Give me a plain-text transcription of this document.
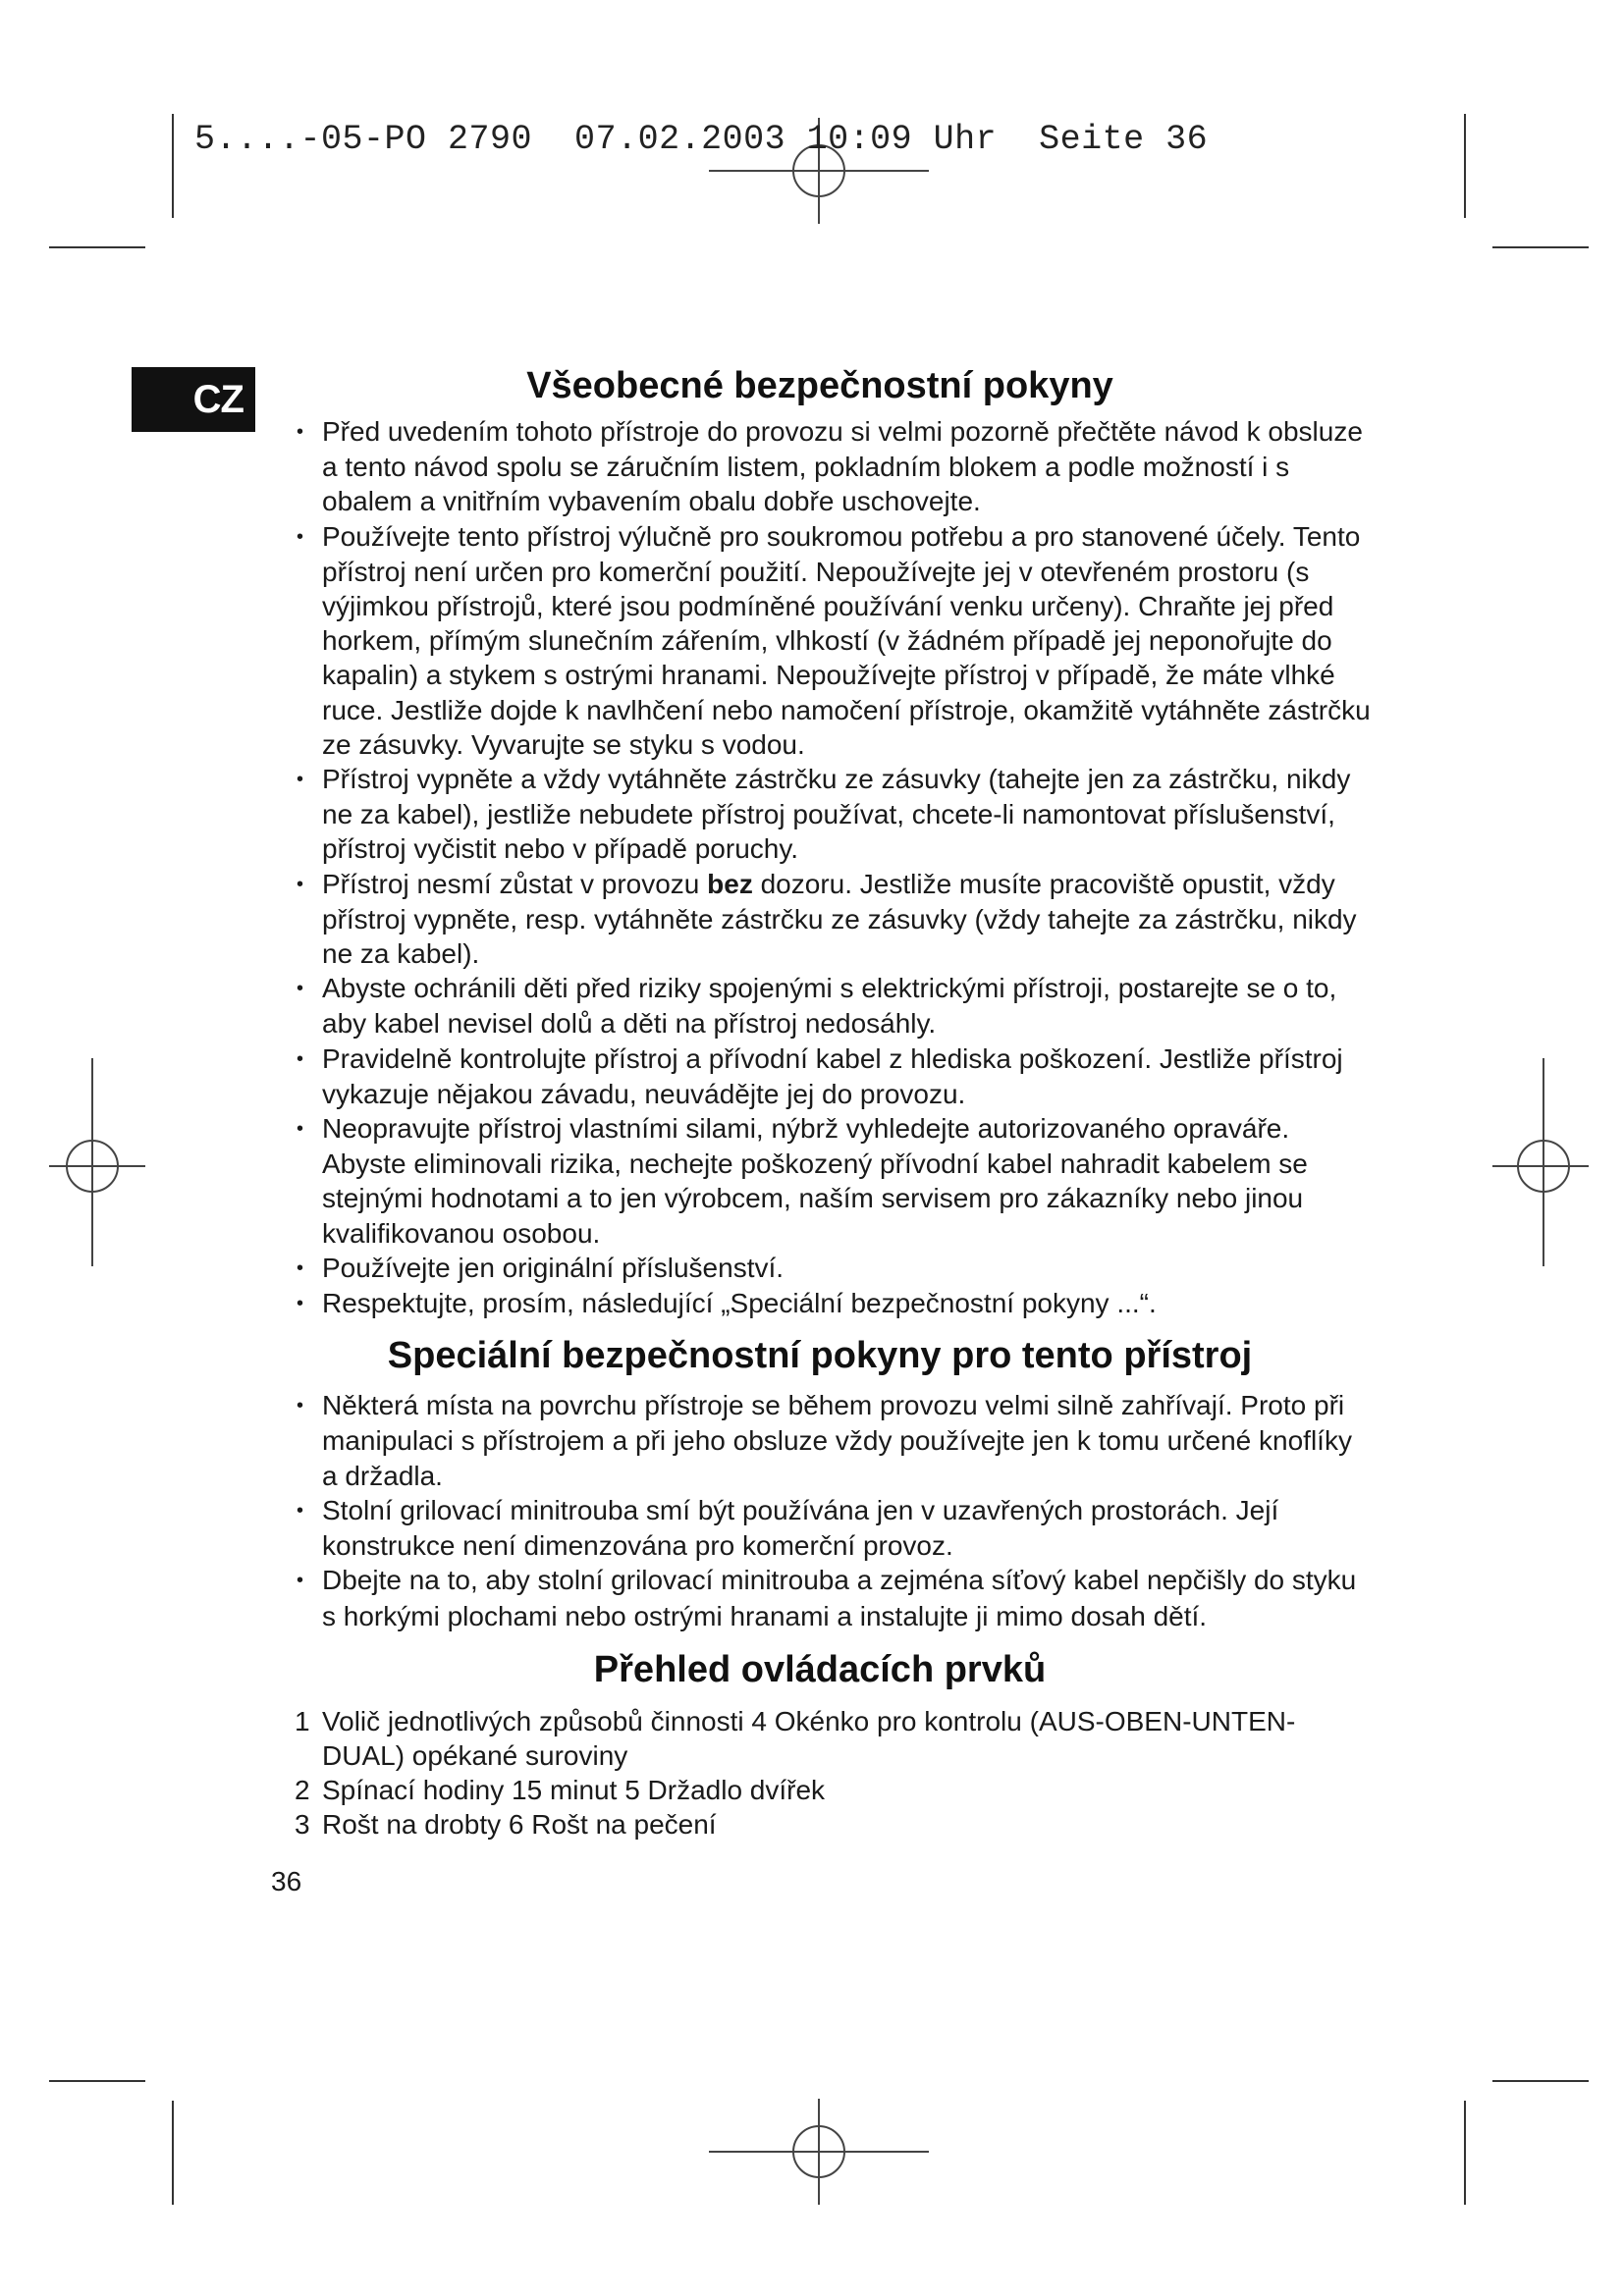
5....-05-PO 2790  07.02.2003 10:09 Uhr  Seite 36
CZ	Všeobecné bezpečnostní pokyny
• Před uvedením tohoto přístroje do provozu si velmi pozorně přečtěte návod k obsluze a tento návod spolu se záručním listem, pokladním blokem a podle možností i s obalem a vnitřním vybavením obalu dobře uschovejte.
• Používejte tento přístroj výlučně pro soukromou potřebu a pro stanovené účely. Tento přístroj není určen pro komerční použití. Nepoužívejte jej v otevřeném prostoru (s výjimkou přístrojů, které jsou podmíněné používání venku určeny). Chraňte jej před horkem, přímým slunečním zářením, vlhkostí (v žádném případě jej neponořujte do kapalin) a stykem s ostrými hranami. Nepoužívejte přístroj v případě, že máte vlhké ruce. Jestliže dojde k navlhčení nebo namočení přístroje, okamžitě vytáhněte zástrčku ze zásuvky. Vyvarujte se styku s vodou.
• Přístroj vypněte a vždy vytáhněte zástrčku ze zásuvky (tahejte jen za zástrčku, nikdy ne za kabel), jestliže nebudete přístroj používat, chcete-li namontovat příslušenství, přístroj vyčistit nebo v případě poruchy.
• Přístroj nesmí zůstat v provozu bez dozoru. Jestliže musíte pracoviště opustit, vždy přístroj vypněte, resp. vytáhněte zástrčku ze zásuvky (vždy tahejte za zástrčku, nikdy ne za kabel).
• Abyste ochránili děti před riziky spojenými s elektrickými přístroji, postarejte se o to, aby kabel nevisel dolů a děti na přístroj nedosáhly.
• Pravidelně kontrolujte přístroj a přívodní kabel z hlediska poškození. Jestliže přístroj vykazuje nějakou závadu, neuvádějte jej do provozu.
• Neopravujte přístroj vlastními silami, nýbrž vyhledejte autorizovaného opraváře. Abyste eliminovali rizika, nechejte poškozený přívodní kabel nahradit kabelem se stejnými hodnotami a to jen výrobcem, naším servisem pro zákazníky nebo jinou kvalifikovanou osobou.
• Používejte jen originální příslušenství.
• Respektujte, prosím, následující „Speciální bezpečnostní pokyny ...“.
Speciální bezpečnostní pokyny pro tento přístroj
• Některá místa na povrchu přístroje se během provozu velmi silně zahřívají. Proto při manipulaci s přístrojem a při jeho obsluze vždy používejte jen k tomu určené knoflíky a držadla.
• Stolní grilovací minitrouba smí být používána jen v uzavřených prostorách. Její konstrukce není dimenzována pro komerční provoz.
• Dbejte na to, aby stolní grilovací minitrouba a zejména síťový kabel nepčišly do styku s horkými plochami nebo ostrými hranami a instalujte ji mimo dosah dětí.
Přehled ovládacích prvků
1 Volič jednotlivých způsobů činnosti 4 Okénko pro kontrolu (AUS-OBEN-UNTEN-DUAL) opékané suroviny
2 Spínací hodiny 15 minut 5 Držadlo dvířek
3 Rošt na drobty 6 Rošt na pečení
36
